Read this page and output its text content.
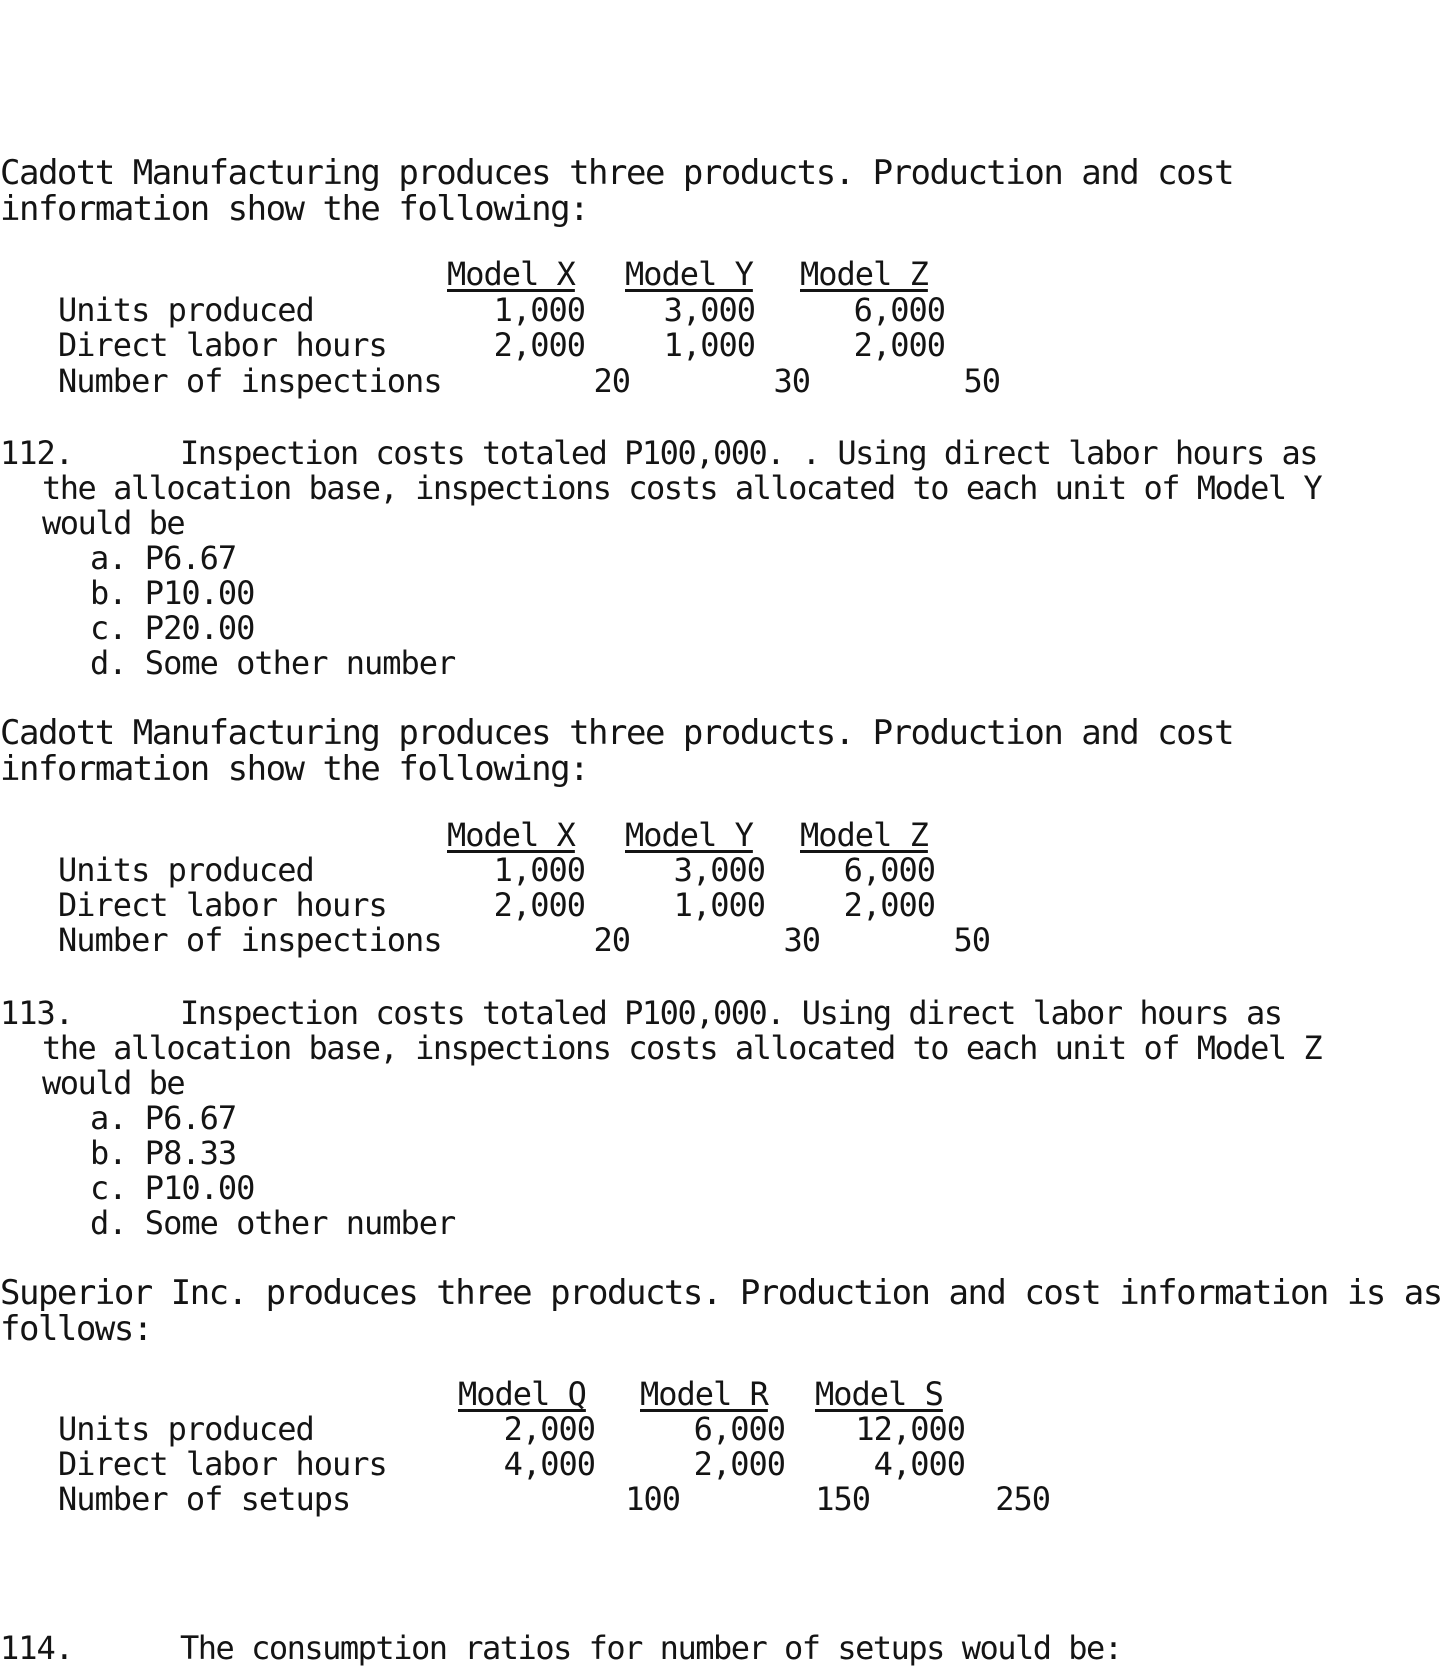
Cadott Manufacturing produces three products. Production and cost
information show the following:
Model X Model Y Model Z
Units produced	1,000	3,000	6,000
Direct labor hours	2,000	1,000	2,000
Number of inspections	20	30	50
112.	Inspection costs totaled P100,000. . Using direct labor hours as
the allocation base, inspections costs allocated to each unit of Model Y
would be
a. P6.67
b. P10.00
c. P20.00
d. Some other number
Cadott Manufacturing produces three products. Production and cost
information show the following:
Model X Model Y Model Z
Units produced	1,000	3,000	6,000
Direct labor hours	2,000	1,000	2,000
Number of inspections	20	30	50
113.	Inspection costs totaled P100,000. Using direct labor hours as
the allocation base, inspections costs allocated to each unit of Model Z
would be
a. P6.67
b. P8.33
c. P10.00
d. Some other number
Superior Inc. produces three products. Production and cost information is as
follows:
Model Q Model R Model S
Units produced	2,000	6,000	12,000
Direct labor hours	4,000	2,000	4,000
Number of setups	100	150	250
114.	The consumption ratios for number of setups would be:
